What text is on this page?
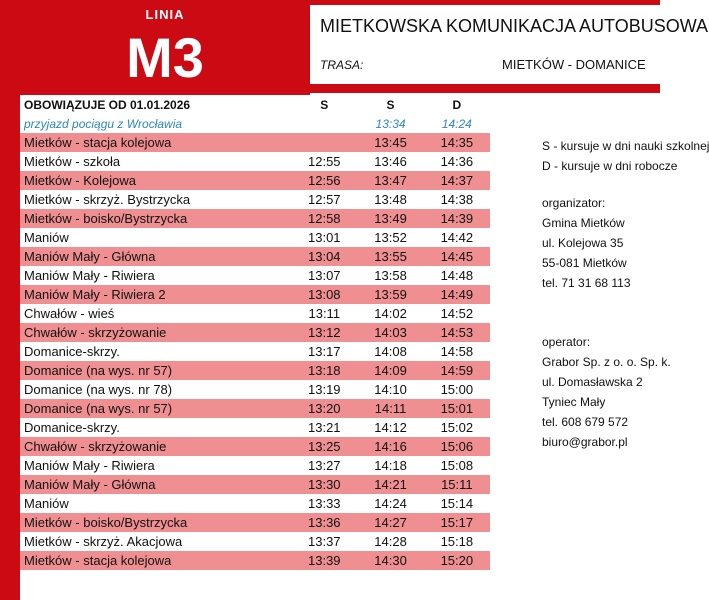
LINIA
M3	MIETKOWSKA KOMUNIKACJA AUTOBUSOWA
TRASA:	MIETKÓW - DOMANICE
OBOWIĄZUJE OD 01.01.2026	S	S	D
przyjazd pociągu z Wrocławia		13:34	14:24
Mietków - stacja kolejowa		13:45	14:35
Mietków - szkoła	12:55	13:46	14:36
Mietków - Kolejowa	12:56	13:47	14:37
Mietków - skrzyż. Bystrzycka	12:57	13:48	14:38
Mietków - boisko/Bystrzycka	12:58	13:49	14:39
Maniów	13:01	13:52	14:42
Maniów Mały - Główna	13:04	13:55	14:45
Maniów Mały - Riwiera	13:07	13:58	14:48
Maniów Mały - Riwiera 2	13:08	13:59	14:49
Chwałów - wieś	13:11	14:02	14:52
Chwałów - skrzyżowanie	13:12	14:03	14:53
Domanice-skrzy.	13:17	14:08	14:58
Domanice (na wys. nr 57)	13:18	14:09	14:59
Domanice (na wys. nr 78)	13:19	14:10	15:00
Domanice (na wys. nr 57)	13:20	14:11	15:01
Domanice-skrzy.	13:21	14:12	15:02
Chwałów - skrzyżowanie	13:25	14:16	15:06
Maniów Mały - Riwiera	13:27	14:18	15:08
Maniów Mały - Główna	13:30	14:21	15:11
Maniów	13:33	14:24	15:14
Mietków - boisko/Bystrzycka	13:36	14:27	15:17
Mietków - skrzyż. Akacjowa	13:37	14:28	15:18
Mietków - stacja kolejowa	13:39	14:30	15:20
S - kursuje w dni nauki szkolnej
D - kursuje w dni robocze
organizator:
Gmina Mietków
ul. Kolejowa 35
55-081 Mietków
tel. 71 31 68 113
operator:
Grabor Sp. z o. o. Sp. k.
ul. Domasławska 2
Tyniec Mały
tel. 608 679 572
biuro@grabor.pl
